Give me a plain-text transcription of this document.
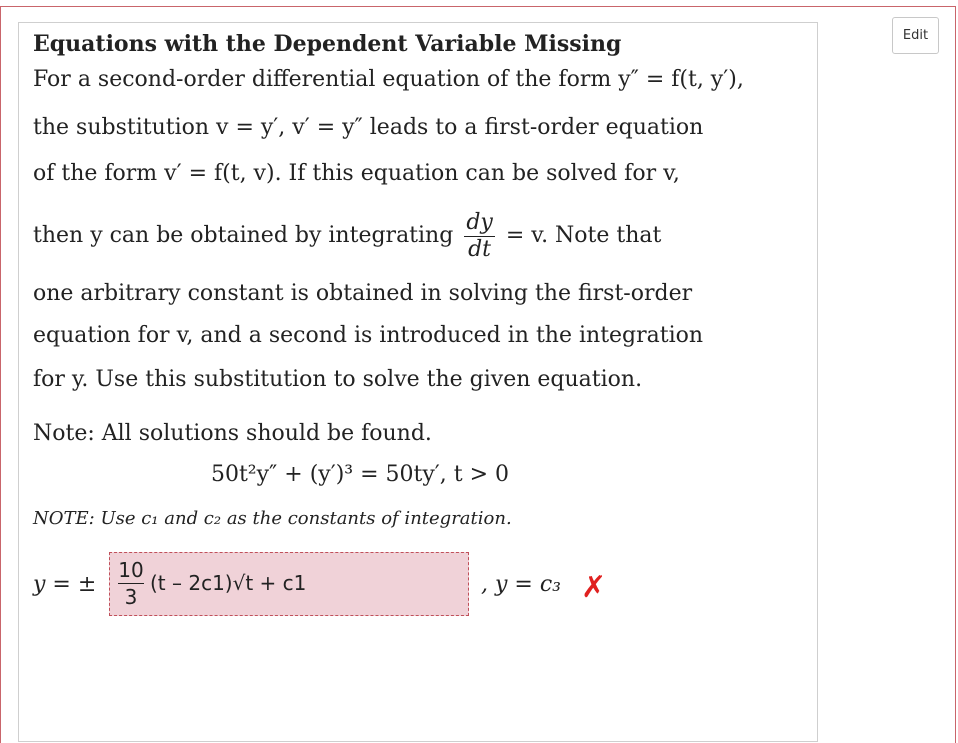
Edit
Equations with the Dependent Variable Missing
For a second-order differential equation of the form y″ = f(t, y′),
the substitution v = y′, v′ = y″ leads to a first-order equation
of the form v′ = f(t, v). If this equation can be solved for v,
then y can be obtained by integrating $\frac{dy}{dt} = v$. Note that
one arbitrary constant is obtained in solving the first-order
equation for v, and a second is introduced in the integration
for y. Use this substitution to solve the given equation.
Note: All solutions should be found.
50t²y″ + (y′)³ = 50ty′, t > 0
NOTE: Use c₁ and c₂ as the constants of integration.
y = ± $\frac{10}{3} (t - 2c1)√t + c1$	, y = c₃ ✗
